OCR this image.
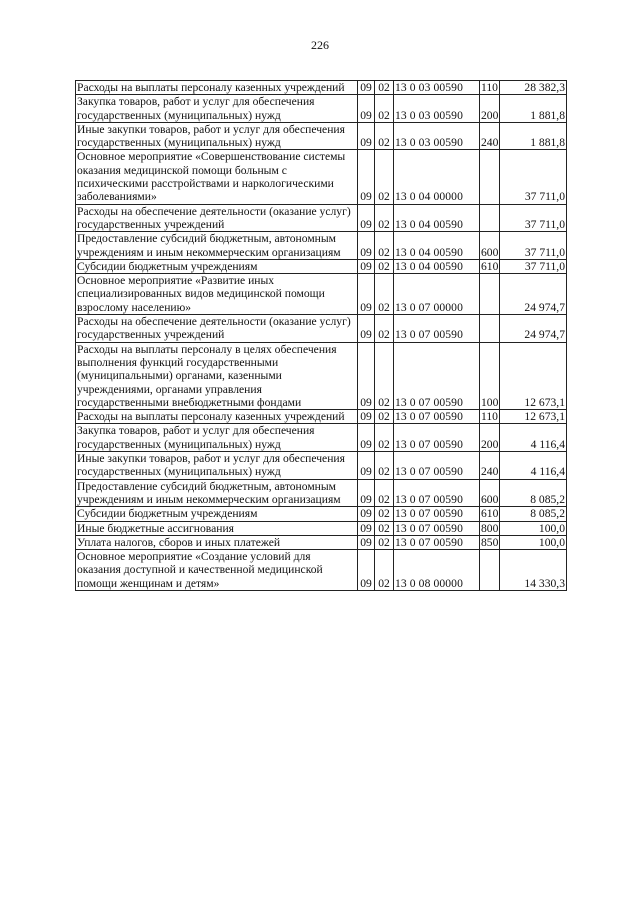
226
Расходы на выплаты персоналу казенных учреждений	09	02	13 0 03 00590	110	28 382,3
Закупка товаров, работ и услуг для обеспечения государственных (муниципальных) нужд	09	02	13 0 03 00590	200	1 881,8
Иные закупки товаров, работ и услуг для обеспечения государственных (муниципальных) нужд	09	02	13 0 03 00590	240	1 881,8
Основное мероприятие «Совершенствование системы оказания медицинской помощи больным с психическими расстройствами и наркологическими заболеваниями»	09	02	13 0 04 00000		37 711,0
Расходы на обеспечение деятельности (оказание услуг) государственных учреждений	09	02	13 0 04 00590		37 711,0
Предоставление субсидий бюджетным, автономным учреждениям и иным некоммерческим организациям	09	02	13 0 04 00590	600	37 711,0
Субсидии бюджетным учреждениям	09	02	13 0 04 00590	610	37 711,0
Основное мероприятие «Развитие иных специализированных видов медицинской помощи взрослому населению»	09	02	13 0 07 00000		24 974,7
Расходы на обеспечение деятельности (оказание услуг) государственных учреждений	09	02	13 0 07 00590		24 974,7
Расходы на выплаты персоналу в целях обеспечения выполнения функций государственными (муниципальными) органами, казенными учреждениями, органами управления государственными внебюджетными фондами	09	02	13 0 07 00590	100	12 673,1
Расходы на выплаты персоналу казенных учреждений	09	02	13 0 07 00590	110	12 673,1
Закупка товаров, работ и услуг для обеспечения государственных (муниципальных) нужд	09	02	13 0 07 00590	200	4 116,4
Иные закупки товаров, работ и услуг для обеспечения государственных (муниципальных) нужд	09	02	13 0 07 00590	240	4 116,4
Предоставление субсидий бюджетным, автономным учреждениям и иным некоммерческим организациям	09	02	13 0 07 00590	600	8 085,2
Субсидии бюджетным учреждениям	09	02	13 0 07 00590	610	8 085,2
Иные бюджетные ассигнования	09	02	13 0 07 00590	800	100,0
Уплата налогов, сборов и иных платежей	09	02	13 0 07 00590	850	100,0
Основное мероприятие «Создание условий для оказания доступной и качественной медицинской помощи женщинам и детям»	09	02	13 0 08 00000		14 330,3
